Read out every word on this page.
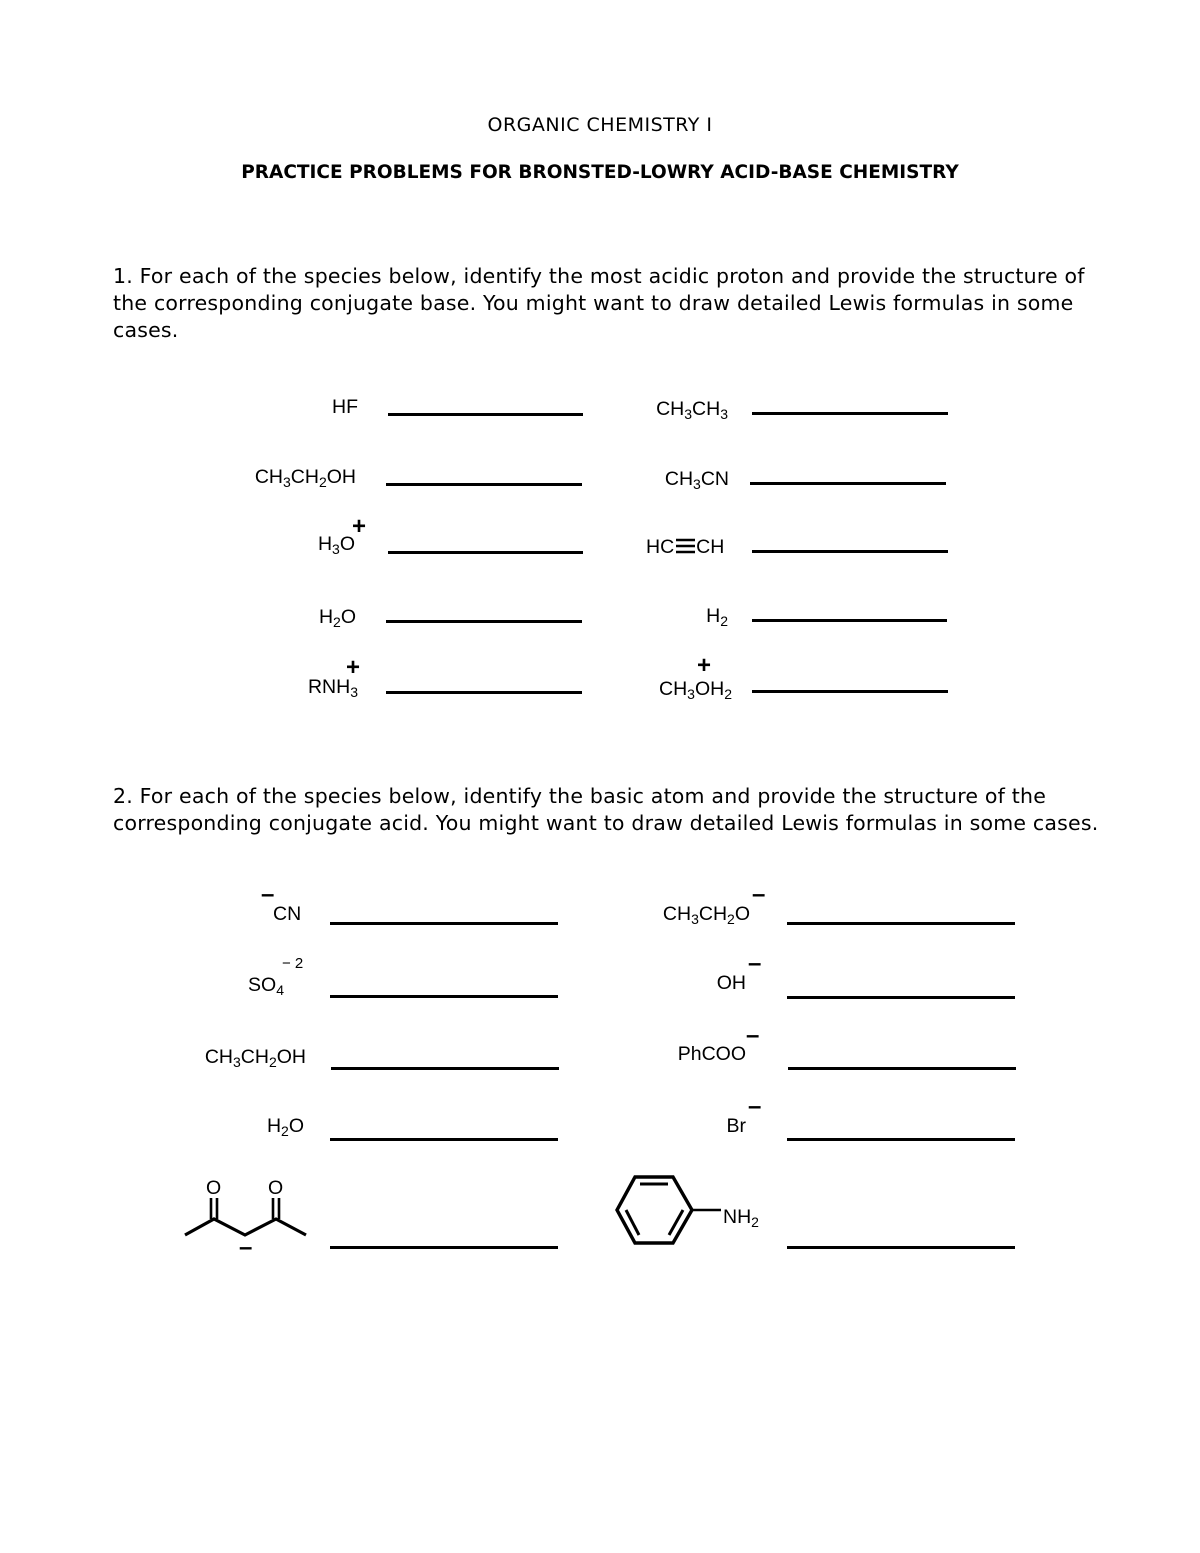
ORGANIC CHEMISTRY I
PRACTICE PROBLEMS FOR BRONSTED-LOWRY ACID-BASE CHEMISTRY
1. For each of the species below, identify the most acidic proton and provide the structure of the corresponding conjugate base. You might want to draw detailed Lewis formulas in some cases.
HF
$CH_3CH_2OH$
$H_3O$
+
$H_2O$
$RNH_3$
+
$CH_3CH_3$
$CH_3CN$
HC CH
$H_2$
$CH_3OH_2$
+
2. For each of the species below, identify the basic atom and provide the structure of the corresponding conjugate acid. You might want to draw detailed Lewis formulas in some cases.
–
CN
− 2
$SO_4$
$CH_3CH_2OH$
$H_2O$
O O
–
$CH_3CH_2O$
–
OH
–
PhCOO
–
Br
–
$NH_2$
